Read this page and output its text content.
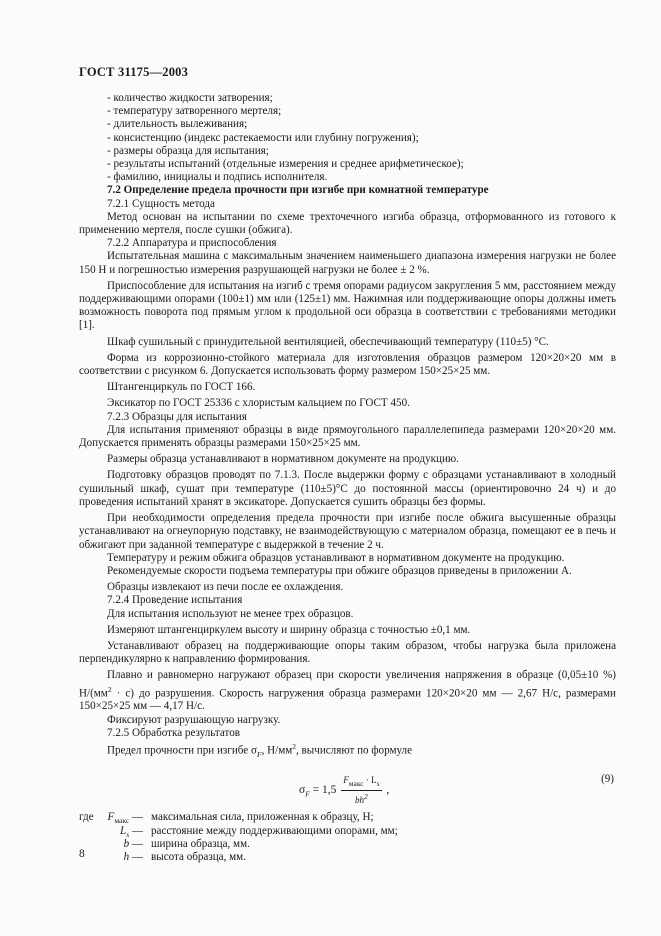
ГОСТ 31175—2003

- количество жидкости затворения;

- температуру затворенного мертеля;

- длительность вылеживания;

- консистенцию (индекс растекаемости или глубину погружения);

- размеры образца для испытания;

- результаты испытаний (отдельные измерения и среднее арифметическое);

- фамилию, инициалы и подпись исполнителя.

7.2 Определение предела прочности при изгибе при комнатной температуре

7.2.1 Сущность метода

Метод основан на испытании по схеме трехточечного изгиба образца, отформованного из готового к применению мертеля, после сушки (обжига).

7.2.2 Аппаратура и приспособления

Испытательная машина с максимальным значением наименьшего диапазона измерения нагрузки не более 150 Н и погрешностью измерения разрушающей нагрузки не более ± 2 %.

Приспособление для испытания на изгиб с тремя опорами радиусом закругления 5 мм, расстоянием между поддерживающими опорами (100±1) мм или (125±1) мм. Нажимная или поддерживающие опоры должны иметь возможность поворота под прямым углом к продольной оси образца в соответствии с требованиями методики [1].

Шкаф сушильный с принудительной вентиляцией, обеспечивающий температуру (110±5) °С.

Форма из коррозионно-стойкого материала для изготовления образцов размером 120×20×20 мм в соответствии с рисунком 6. Допускается использовать форму размером 150×25×25 мм.

Штангенциркуль по ГОСТ 166.

Эксикатор по ГОСТ 25336 с хлористым кальцием по ГОСТ 450.

7.2.3 Образцы для испытания

Для испытания применяют образцы в виде прямоугольного параллелепипеда размерами 120×20×20 мм. Допускается применять образцы размерами 150×25×25 мм.

Размеры образца устанавливают в нормативном документе на продукцию.

Подготовку образцов проводят по 7.1.3. После выдержки форму с образцами устанавливают в холодный сушильный шкаф, сушат при температуре (110±5)°С до постоянной массы (ориентировочно 24 ч) и до проведения испытаний хранят в эксикаторе. Допускается сушить образцы без формы.

При необходимости определения предела прочности при изгибе после обжига высушенные образцы устанавливают на огнеупорную подставку, не взаимодействующую с материалом образца, помещают ее в печь и обжигают при заданной температуре с выдержкой в течение 2 ч.

Температуру и режим обжига образцов устанавливают в нормативном документе на продукцию.

Рекомендуемые скорости подъема температуры при обжиге образцов приведены в приложении А.

Образцы извлекают из печи после ее охлаждения.

7.2.4 Проведение испытания

Для испытания используют не менее трех образцов.

Измеряют штангенциркулем высоту и ширину образца с точностью ±0,1 мм.

Устанавливают образец на поддерживающие опоры таким образом, чтобы нагрузка была приложена перпендикулярно к направлению формирования.

Плавно и равномерно нагружают образец при скорости увеличения напряжения в образце (0,05±10 %) $Н/(мм^2 \cdot с)$ до разрушения. Скорость нагружения образца размерами 120×20×20 мм — 2,67 Н/с, размерами 150×25×25 мм — 4,17 Н/с.

Фиксируют разрушающую нагрузку.

7.2.5 Обработка результатов

Предел прочности при изгибе $\sigma_F$, $Н/мм^2$, вычисляют по формуле

$\sigma_F = 1,5 \frac{F_{макс} \cdot L_s}{bh^2}$ ,
(9)
где	$F_{макс}$ — максимальная сила, приложенная к образцу, Н;
$L_s$ — расстояние между поддерживающими опорами, мм;
b — ширина образца, мм.
h — высота образца, мм.
8
